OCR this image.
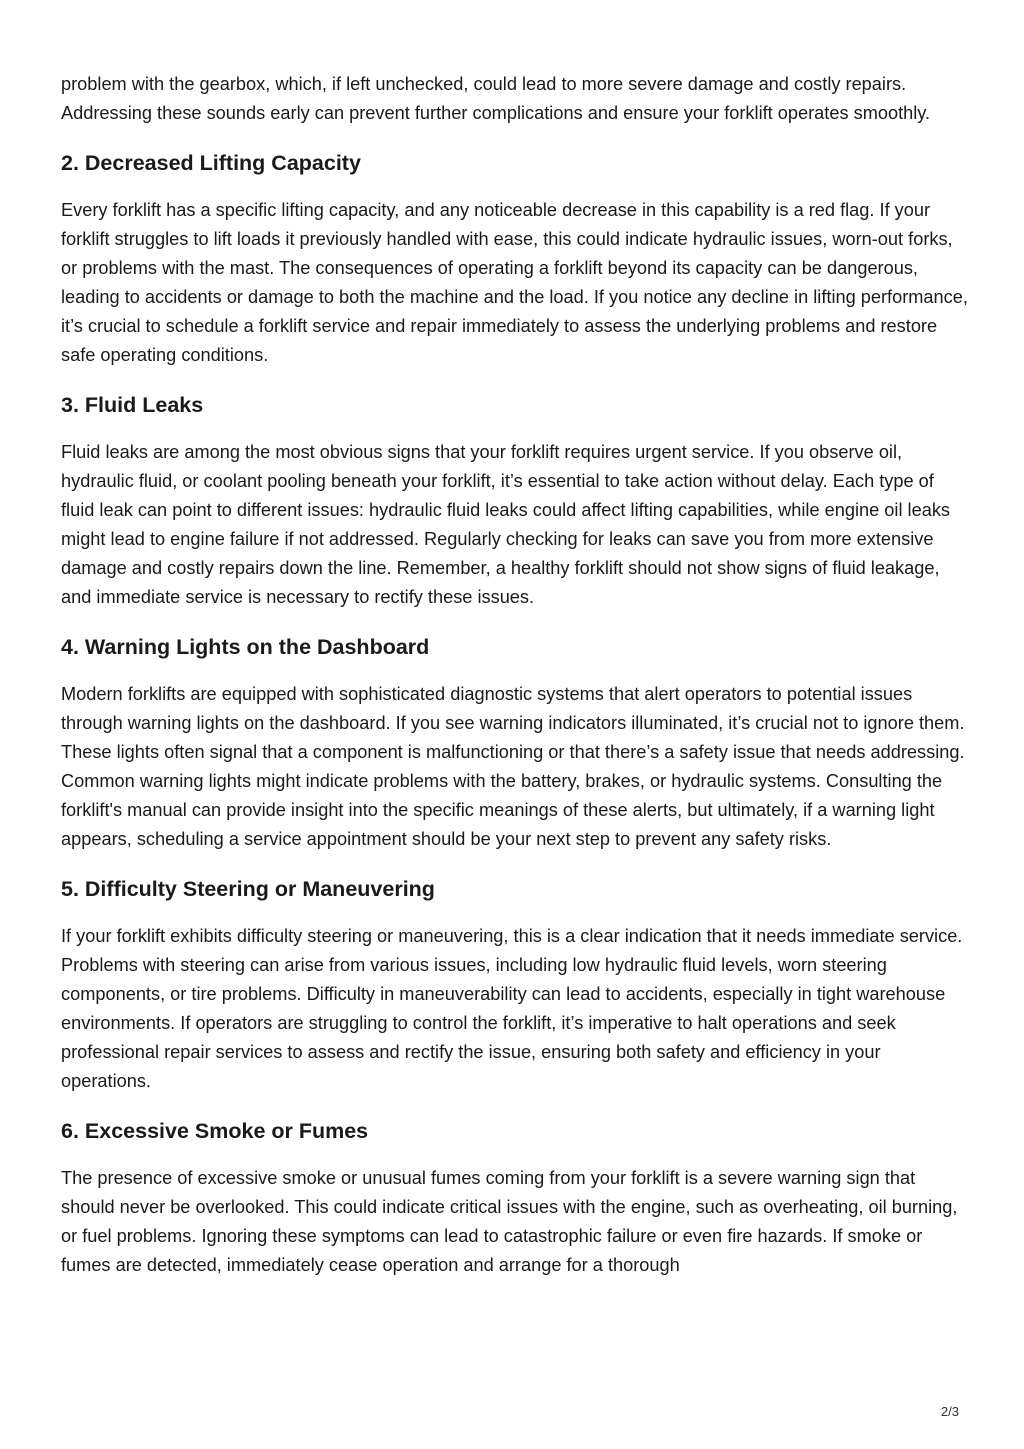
problem with the gearbox, which, if left unchecked, could lead to more severe damage and costly repairs. Addressing these sounds early can prevent further complications and ensure your forklift operates smoothly.

2. Decreased Lifting Capacity

Every forklift has a specific lifting capacity, and any noticeable decrease in this capability is a red flag. If your forklift struggles to lift loads it previously handled with ease, this could indicate hydraulic issues, worn-out forks, or problems with the mast. The consequences of operating a forklift beyond its capacity can be dangerous, leading to accidents or damage to both the machine and the load. If you notice any decline in lifting performance, it’s crucial to schedule a forklift service and repair immediately to assess the underlying problems and restore safe operating conditions.

3. Fluid Leaks

Fluid leaks are among the most obvious signs that your forklift requires urgent service. If you observe oil, hydraulic fluid, or coolant pooling beneath your forklift, it’s essential to take action without delay. Each type of fluid leak can point to different issues: hydraulic fluid leaks could affect lifting capabilities, while engine oil leaks might lead to engine failure if not addressed. Regularly checking for leaks can save you from more extensive damage and costly repairs down the line. Remember, a healthy forklift should not show signs of fluid leakage, and immediate service is necessary to rectify these issues.

4. Warning Lights on the Dashboard

Modern forklifts are equipped with sophisticated diagnostic systems that alert operators to potential issues through warning lights on the dashboard. If you see warning indicators illuminated, it’s crucial not to ignore them. These lights often signal that a component is malfunctioning or that there’s a safety issue that needs addressing. Common warning lights might indicate problems with the battery, brakes, or hydraulic systems. Consulting the forklift's manual can provide insight into the specific meanings of these alerts, but ultimately, if a warning light appears, scheduling a service appointment should be your next step to prevent any safety risks.

5. Difficulty Steering or Maneuvering

If your forklift exhibits difficulty steering or maneuvering, this is a clear indication that it needs immediate service. Problems with steering can arise from various issues, including low hydraulic fluid levels, worn steering components, or tire problems. Difficulty in maneuverability can lead to accidents, especially in tight warehouse environments. If operators are struggling to control the forklift, it’s imperative to halt operations and seek professional repair services to assess and rectify the issue, ensuring both safety and efficiency in your operations.

6. Excessive Smoke or Fumes

The presence of excessive smoke or unusual fumes coming from your forklift is a severe warning sign that should never be overlooked. This could indicate critical issues with the engine, such as overheating, oil burning, or fuel problems. Ignoring these symptoms can lead to catastrophic failure or even fire hazards. If smoke or fumes are detected, immediately cease operation and arrange for a thorough

2/3
